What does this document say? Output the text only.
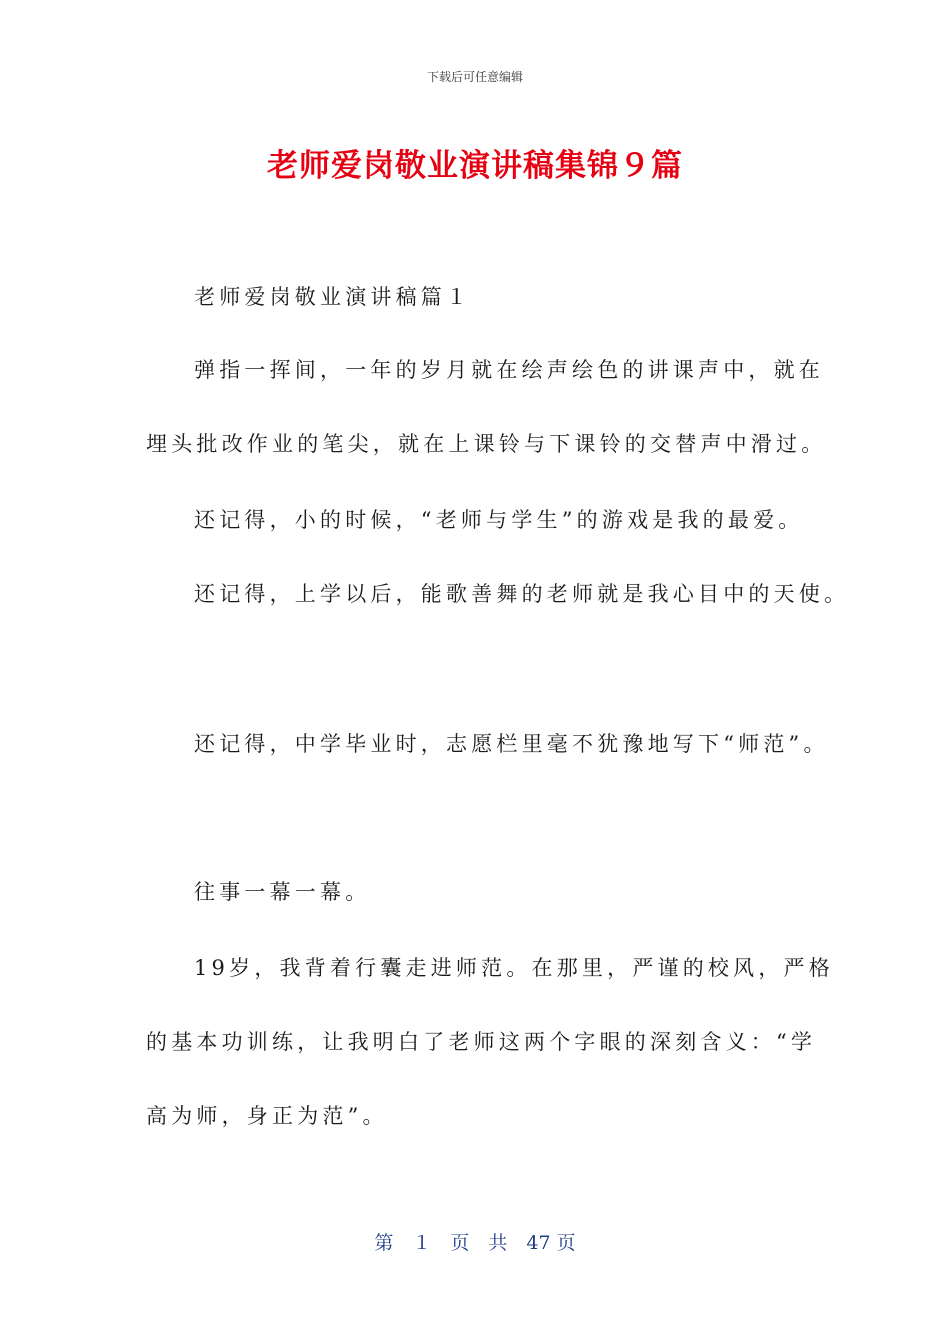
下载后可任意编辑
老师爱岗敬业演讲稿集锦９篇
老师爱岗敬业演讲稿篇１
弹指一挥间，一年的岁月就在绘声绘色的讲课声中，就在
埋头批改作业的笔尖，就在上课铃与下课铃的交替声中滑过。
还记得，小的时候，“老师与学生”的游戏是我的最爱。
还记得，上学以后，能歌善舞的老师就是我心目中的天使。
还记得，中学毕业时，志愿栏里毫不犹豫地写下“师范”。
往事一幕一幕。
19岁，我背着行囊走进师范。在那里，严谨的校风，严格
的基本功训练，让我明白了老师这两个字眼的深刻含义：“学
高为师，身正为范”。
第　１　页　共　47 页
